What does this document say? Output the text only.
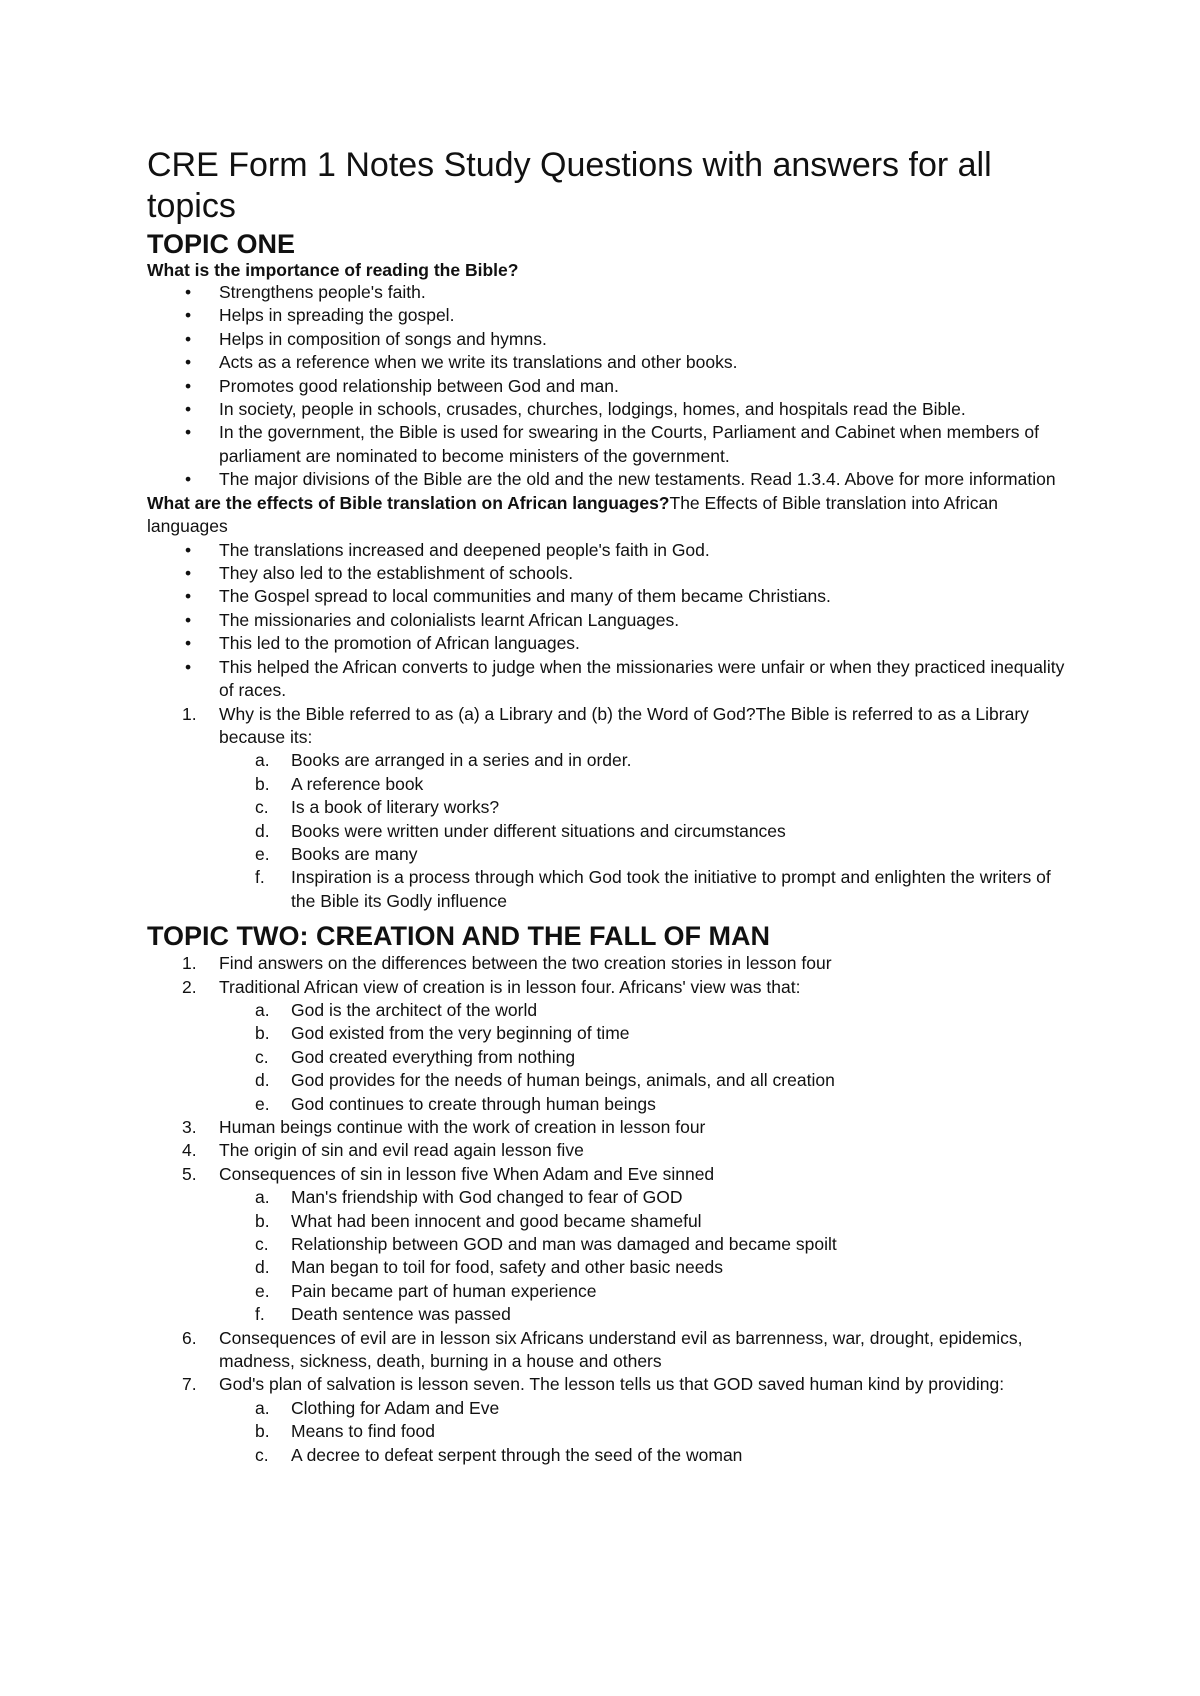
CRE Form 1 Notes Study Questions with answers for all topics
TOPIC ONE
What is the importance of reading the Bible?
• Strengthens people's faith.
• Helps in spreading the gospel.
• Helps in composition of songs and hymns.
• Acts as a reference when we write its translations and other books.
• Promotes good relationship between God and man.
• In society, people in schools, crusades, churches, lodgings, homes, and hospitals read the Bible.
• In the government, the Bible is used for swearing in the Courts, Parliament and Cabinet when members of parliament are nominated to become ministers of the government.
• The major divisions of the Bible are the old and the new testaments. Read 1.3.4. Above for more information
What are the effects of Bible translation on African languages?The Effects of Bible translation into African languages
• The translations increased and deepened people's faith in God.
• They also led to the establishment of schools.
• The Gospel spread to local communities and many of them became Christians.
• The missionaries and colonialists learnt African Languages.
• This led to the promotion of African languages.
• This helped the African converts to judge when the missionaries were unfair or when they practiced inequality of races.
1. Why is the Bible referred to as (a) a Library and (b) the Word of God?The Bible is referred to as a Library because its:
a. Books are arranged in a series and in order.
b. A reference book
c. Is a book of literary works?
d. Books were written under different situations and circumstances
e. Books are many
f. Inspiration is a process through which God took the initiative to prompt and enlighten the writers of the Bible its Godly influence
TOPIC TWO: CREATION AND THE FALL OF MAN
1. Find answers on the differences between the two creation stories in lesson four
2. Traditional African view of creation is in lesson four. Africans' view was that:
a. God is the architect of the world
b. God existed from the very beginning of time
c. God created everything from nothing
d. God provides for the needs of human beings, animals, and all creation
e. God continues to create through human beings
3. Human beings continue with the work of creation in lesson four
4. The origin of sin and evil read again lesson five
5. Consequences of sin in lesson five When Adam and Eve sinned
a. Man's friendship with God changed to fear of GOD
b. What had been innocent and good became shameful
c. Relationship between GOD and man was damaged and became spoilt
d. Man began to toil for food, safety and other basic needs
e. Pain became part of human experience
f. Death sentence was passed
6. Consequences of evil are in lesson six Africans understand evil as barrenness, war, drought, epidemics, madness, sickness, death, burning in a house and others
7. God's plan of salvation is lesson seven. The lesson tells us that GOD saved human kind by providing:
a. Clothing for Adam and Eve
b. Means to find food
c. A decree to defeat serpent through the seed of the woman
